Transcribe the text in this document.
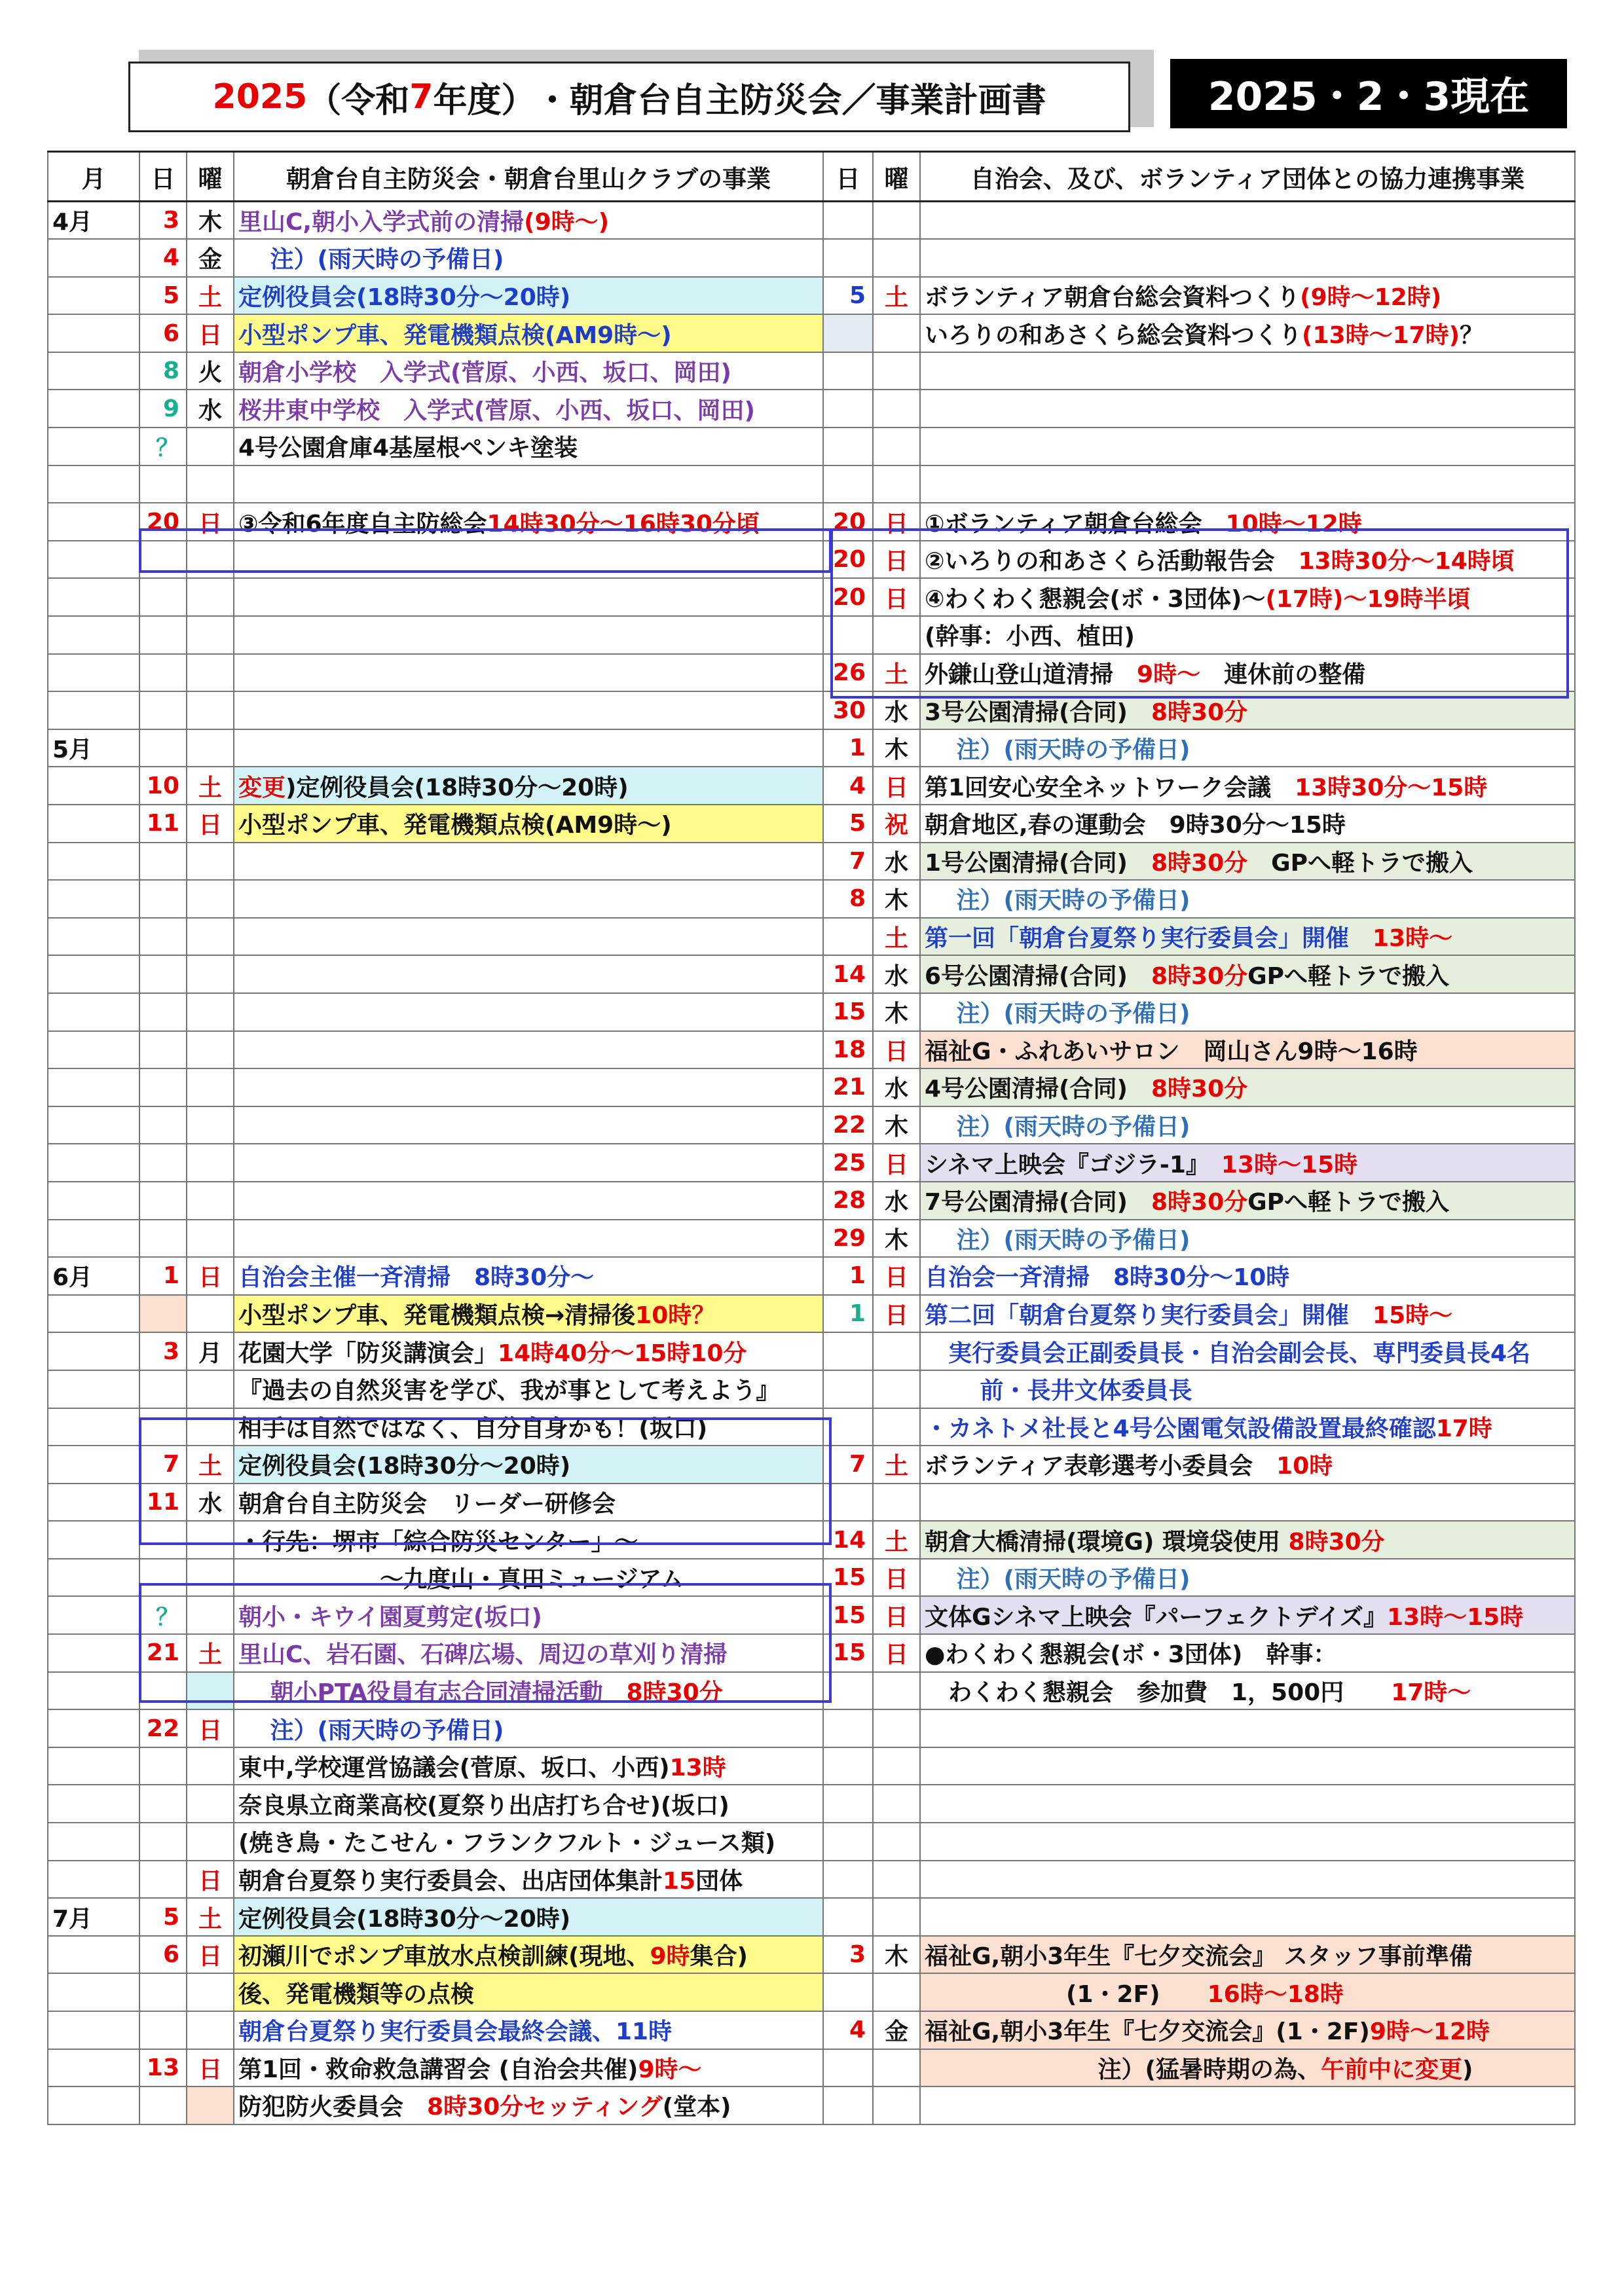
2025 （令和 7 年度） ・朝倉台自主防災会／事業計画書	2025・2・3現在
月	日	曜	朝倉台自主防災会・朝倉台里山クラブの事業	日	曜	自治会、及び、ボランティア団体との協力連携事業
4月	3	木	里山C,朝小入学式前の清掃(9時～)			
	4	金	　 注）(雨天時の予備日)			
	5	土	定例役員会(18時30分～20時)	5	土	ボランティア朝倉台総会資料つくり(9時～12時)
	6	日	小型ポンプ車、発電機類点検(AM9時～)			いろりの和あさくら総会資料つくり(13時～17時)？
	8	火	朝倉小学校　入学式(菅原、小西、坂口、岡田)			
	9	水	桜井東中学校　入学式(菅原、小西、坂口、岡田)			
	？		4号公園倉庫4基屋根ペンキ塗装			

	20	日	③令和6年度自主防総会14時30分～16時30分頃	20	日	①ボランティア朝倉台総会　10時～12時
				20	日	②いろりの和あさくら活動報告会　13時30分～14時頃
				20	日	④わくわく懇親会(ボ・3団体)～(17時)～19時半頃
						(幹事：小西、植田)
				26	土	外鎌山登山道清掃　9時～　連休前の整備
				30	水	3号公園清掃(合同)　8時30分
5月				1	木	　 注）(雨天時の予備日)
	10	土	変更)定例役員会(18時30分～20時)	4	日	第1回安心安全ネットワーク会議　13時30分～15時
	11	日	小型ポンプ車、発電機類点検(AM9時～)	5	祝	朝倉地区,春の運動会　9時30分～15時
				7	水	1号公園清掃(合同)　8時30分　GPへ軽トラで搬入
				8	木	　 注）(雨天時の予備日)
					土	第一回「朝倉台夏祭り実行委員会」開催　13時～
				14	水	6号公園清掃(合同)　8時30分GPへ軽トラで搬入
				15	木	　 注）(雨天時の予備日)
				18	日	福祉G・ふれあいサロン　岡山さん9時～16時
				21	水	4号公園清掃(合同)　8時30分
				22	木	　 注）(雨天時の予備日)
				25	日	シネマ上映会『ゴジラ-1』　13時～15時
				28	水	7号公園清掃(合同)　8時30分GPへ軽トラで搬入
				29	木	　 注）(雨天時の予備日)
6月	1	日	自治会主催一斉清掃　8時30分～	1	日	自治会一斉清掃　8時30分～10時
			小型ポンプ車、発電機類点検→清掃後10時？	1	日	第二回「朝倉台夏祭り実行委員会」開催　15時～
	3	月	花園大学「防災講演会」14時40分～15時10分			　実行委員会正副委員長・自治会副会長、専門委員長4名
			『過去の自然災害を学び、我が事として考えよう』			　　 前・長井文体委員長
			相手は自然ではなく、自分自身かも！(坂口)			・カネトメ社長と4号公園電気設備設置最終確認17時
	7	土	定例役員会(18時30分～20時)	7	土	ボランティア表彰選考小委員会　10時
	11	水	朝倉台自主防災会　リーダー研修会			
			・行先：堺市「綜合防災センター」～	14	土	朝倉大橋清掃(環境G) 環境袋使用 8時30分
			　　　　　　～九度山・真田ミュージアム	15	日	　 注）(雨天時の予備日)
	？		朝小・キウイ園夏剪定(坂口)	15	日	文体Gシネマ上映会『パーフェクトデイズ』13時～15時
	21	土	里山C、岩石園、石碑広場、周辺の草刈り清掃	15	日	●わくわく懇親会(ボ・3団体)　幹事：
			　 朝小PTA役員有志合同清掃活動　8時30分			　わくわく懇親会　参加費　1，500円　　17時～
	22	日	　 注）(雨天時の予備日)			
			東中,学校運営協議会(菅原、坂口、小西)13時			
			奈良県立商業高校(夏祭り出店打ち合せ)(坂口)			
			(焼き鳥・たこせん・フランクフルト・ジュース類)			
		日	朝倉台夏祭り実行委員会、出店団体集計15団体			
7月	5	土	定例役員会(18時30分～20時)			
	6	日	初瀬川でポンプ車放水点検訓練(現地、9時集合)	3	木	福祉G,朝小3年生『七夕交流会』 スタッフ事前準備
			後、発電機類等の点検			　　　　　　(1・2F)　　16時～18時
			朝倉台夏祭り実行委員会最終会議、11時	4	金	福祉G,朝小3年生『七夕交流会』(1・2F)9時～12時
	13	日	第1回・救命救急講習会 (自治会共催)9時～			　　　　　　　 注）(猛暑時期の為、午前中に変更)
			防犯防火委員会　8時30分セッティング(堂本)			
